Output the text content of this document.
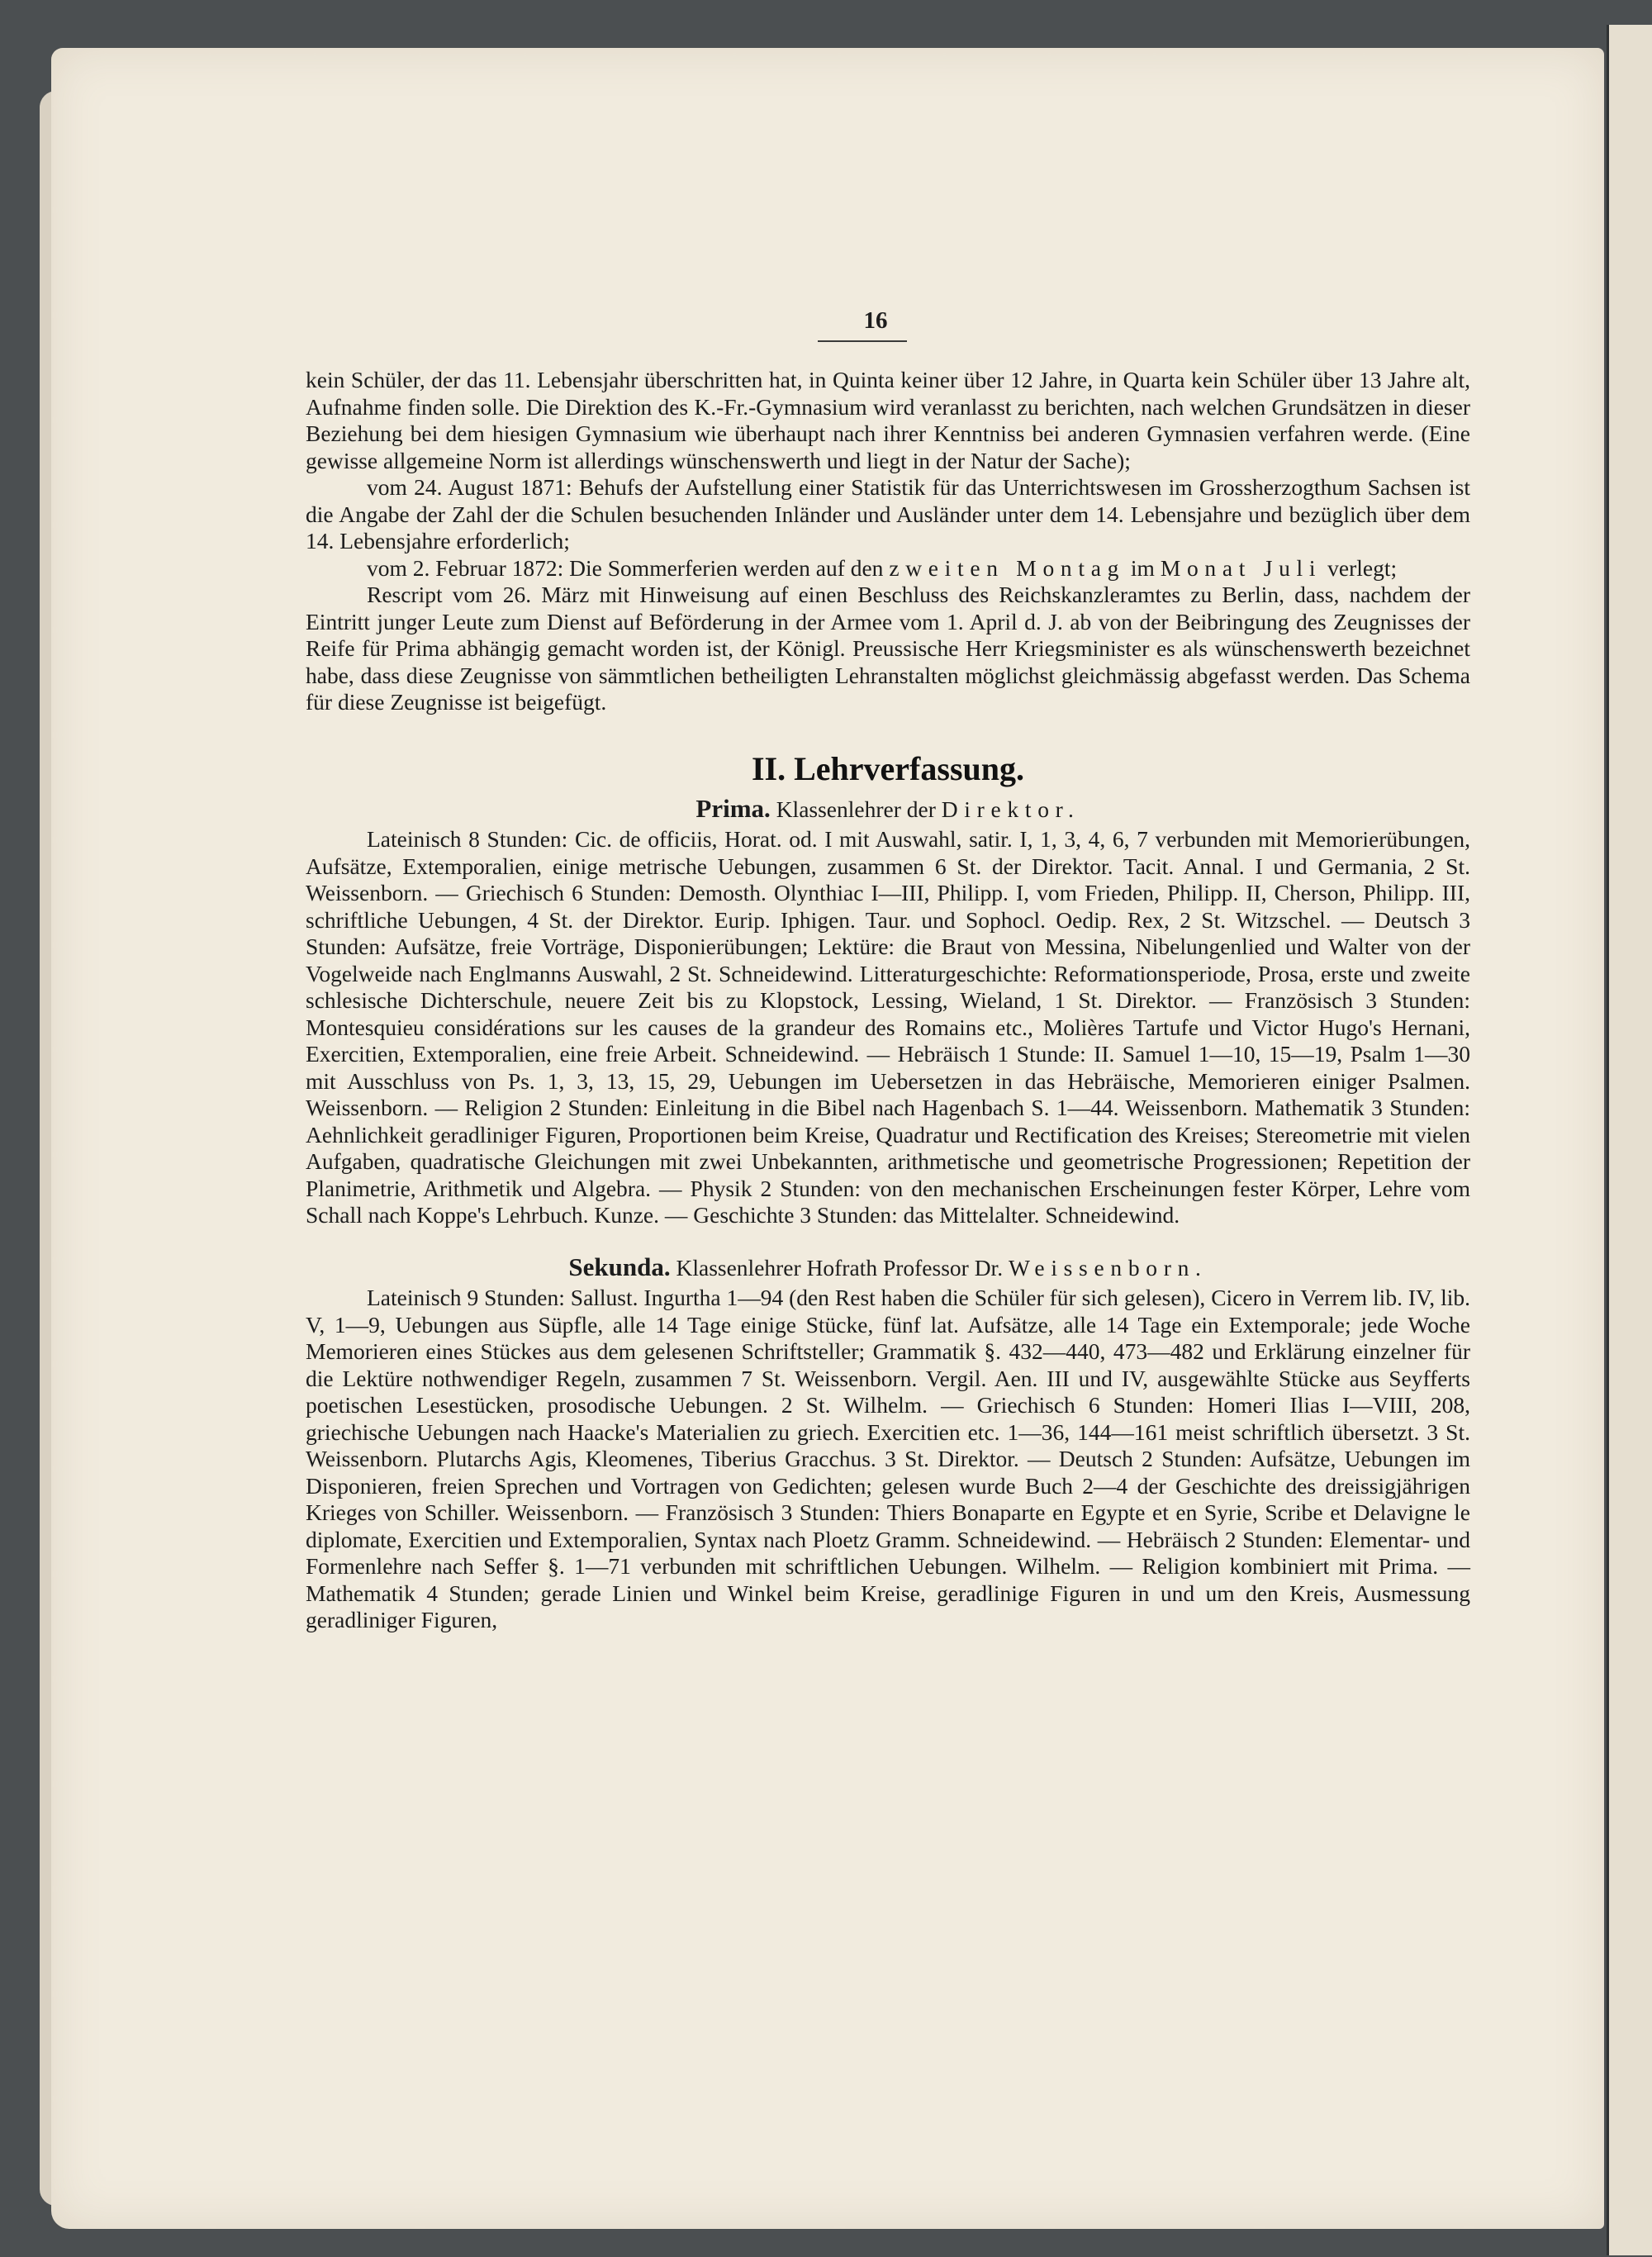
16

kein Schüler, der das 11. Lebensjahr überschritten hat, in Quinta keiner über 12 Jahre, in Quarta kein Schüler über 13 Jahre alt, Aufnahme finden solle. Die Direktion des K.-Fr.-Gymnasium wird veranlasst zu berichten, nach welchen Grundsätzen in dieser Beziehung bei dem hiesigen Gymnasium wie überhaupt nach ihrer Kenntniss bei anderen Gymnasien verfahren werde. (Eine gewisse allgemeine Norm ist allerdings wünschenswerth und liegt in der Natur der Sache);

vom 24. August 1871: Behufs der Aufstellung einer Statistik für das Unterrichtswesen im Grossherzogthum Sachsen ist die Angabe der Zahl der die Schulen besuchenden Inländer und Ausländer unter dem 14. Lebensjahre und bezüglich über dem 14. Lebensjahre erforderlich;

vom 2. Februar 1872: Die Sommerferien werden auf den zweiten Montag im Monat Juli verlegt;

Rescript vom 26. März mit Hinweisung auf einen Beschluss des Reichskanzleramtes zu Berlin, dass, nachdem der Eintritt junger Leute zum Dienst auf Beförderung in der Armee vom 1. April d. J. ab von der Beibringung des Zeugnisses der Reife für Prima abhängig gemacht worden ist, der Königl. Preussische Herr Kriegsminister es als wünschenswerth bezeichnet habe, dass diese Zeugnisse von sämmtlichen betheiligten Lehranstalten möglichst gleichmässig abgefasst werden. Das Schema für diese Zeugnisse ist beigefügt.

II. Lehrverfassung.
Prima. Klassenlehrer der Direktor.

Lateinisch 8 Stunden: Cic. de officiis, Horat. od. I mit Auswahl, satir. I, 1, 3, 4, 6, 7 verbunden mit Memorierübungen, Aufsätze, Extemporalien, einige metrische Uebungen, zusammen 6 St. der Direktor. Tacit. Annal. I und Germania, 2 St. Weissenborn. — Griechisch 6 Stunden: Demosth. Olynthiac I—III, Philipp. I, vom Frieden, Philipp. II, Cherson, Philipp. III, schriftliche Uebungen, 4 St. der Direktor. Eurip. Iphigen. Taur. und Sophocl. Oedip. Rex, 2 St. Witzschel. — Deutsch 3 Stunden: Aufsätze, freie Vorträge, Disponierübungen; Lektüre: die Braut von Messina, Nibelungenlied und Walter von der Vogelweide nach Englmanns Auswahl, 2 St. Schneidewind. Litteraturgeschichte: Reformationsperiode, Prosa, erste und zweite schlesische Dichterschule, neuere Zeit bis zu Klopstock, Lessing, Wieland, 1 St. Direktor. — Französisch 3 Stunden: Montesquieu considérations sur les causes de la grandeur des Romains etc., Molières Tartufe und Victor Hugo's Hernani, Exercitien, Extemporalien, eine freie Arbeit. Schneidewind. — Hebräisch 1 Stunde: II. Samuel 1—10, 15—19, Psalm 1—30 mit Ausschluss von Ps. 1, 3, 13, 15, 29, Uebungen im Uebersetzen in das Hebräische, Memorieren einiger Psalmen. Weissenborn. — Religion 2 Stunden: Einleitung in die Bibel nach Hagenbach S. 1—44. Weissenborn. Mathematik 3 Stunden: Aehnlichkeit geradliniger Figuren, Proportionen beim Kreise, Quadratur und Rectification des Kreises; Stereometrie mit vielen Aufgaben, quadratische Gleichungen mit zwei Unbekannten, arithmetische und geometrische Progressionen; Repetition der Planimetrie, Arithmetik und Algebra. — Physik 2 Stunden: von den mechanischen Erscheinungen fester Körper, Lehre vom Schall nach Koppe's Lehrbuch. Kunze. — Geschichte 3 Stunden: das Mittelalter. Schneidewind.

Sekunda. Klassenlehrer Hofrath Professor Dr. Weissenborn.

Lateinisch 9 Stunden: Sallust. Ingurtha 1—94 (den Rest haben die Schüler für sich gelesen), Cicero in Verrem lib. IV, lib. V, 1—9, Uebungen aus Süpfle, alle 14 Tage einige Stücke, fünf lat. Aufsätze, alle 14 Tage ein Extemporale; jede Woche Memorieren eines Stückes aus dem gelesenen Schriftsteller; Grammatik §. 432—440, 473—482 und Erklärung einzelner für die Lektüre nothwendiger Regeln, zusammen 7 St. Weissenborn. Vergil. Aen. III und IV, ausgewählte Stücke aus Seyfferts poetischen Lesestücken, prosodische Uebungen. 2 St. Wilhelm. — Griechisch 6 Stunden: Homeri Ilias I—VIII, 208, griechische Uebungen nach Haacke's Materialien zu griech. Exercitien etc. 1—36, 144—161 meist schriftlich übersetzt. 3 St. Weissenborn. Plutarchs Agis, Kleomenes, Tiberius Gracchus. 3 St. Direktor. — Deutsch 2 Stunden: Aufsätze, Uebungen im Disponieren, freien Sprechen und Vortragen von Gedichten; gelesen wurde Buch 2—4 der Geschichte des dreissigjährigen Krieges von Schiller. Weissenborn. — Französisch 3 Stunden: Thiers Bonaparte en Egypte et en Syrie, Scribe et Delavigne le diplomate, Exercitien und Extemporalien, Syntax nach Ploetz Gramm. Schneidewind. — Hebräisch 2 Stunden: Elementar- und Formenlehre nach Seffer §. 1—71 verbunden mit schriftlichen Uebungen. Wilhelm. — Religion kombiniert mit Prima. — Mathematik 4 Stunden; gerade Linien und Winkel beim Kreise, geradlinige Figuren in und um den Kreis, Ausmessung geradliniger Figuren,
